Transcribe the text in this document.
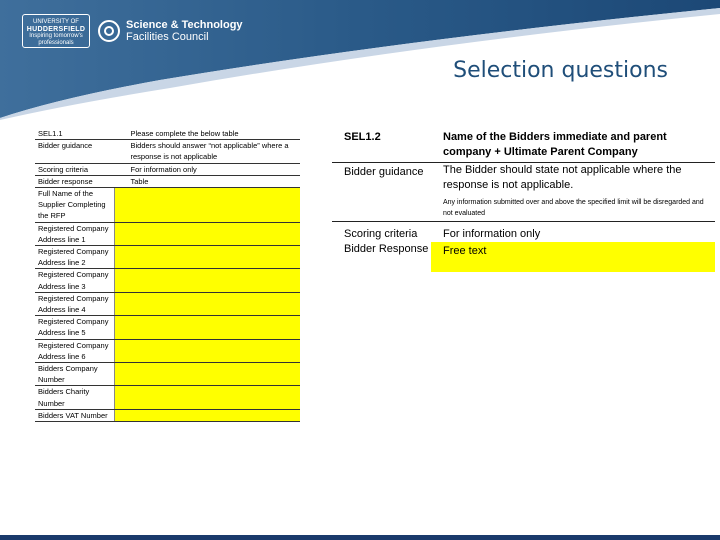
UNIVERSITY OF
HUDDERSFIELD
Inspiring tomorrow's professionals
Science & Technology
Facilities Council
Selection questions
SEL1.1	Please complete the below table
Bidder guidance	Bidders should answer “not applicable” where a response is not applicable
Scoring criteria	For information only
Bidder response	Table
Full Name of the Supplier Completing the RFP	
Registered Company Address line 1	
Registered Company Address line 2	
Registered Company Address line 3	
Registered Company Address line 4	
Registered Company Address line 5	
Registered Company Address line 6	
Bidders Company Number	
Bidders Charity Number	
Bidders VAT Number	
SEL1.2	Name of the Bidders immediate and parent company + Ultimate Parent Company
Bidder guidance	The Bidder should state not applicable where the response is not applicable.
Any information submitted over and above the specified limit will be disregarded and not evaluated

Scoring criteria	For information only
Bidder Response	Free text
